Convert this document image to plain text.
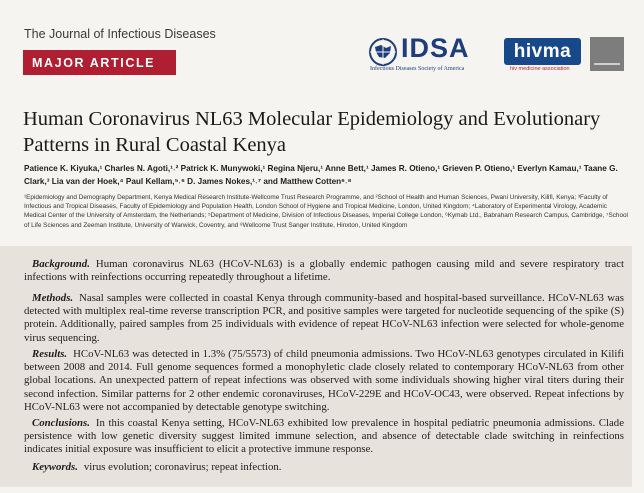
The Journal of Infectious Diseases
MAJOR ARTICLE	IDSA
Infectious Diseases Society of America
hivma
hiv medicine association
Human Coronavirus NL63 Molecular Epidemiology and Evolutionary Patterns in Rural Coastal Kenya
Patience K. Kiyuka,¹ Charles N. Agoti,¹˒² Patrick K. Munywoki,¹ Regina Njeru,¹ Anne Bett,¹ James R. Otieno,¹ Grieven P. Otieno,¹ Everlyn Kamau,¹ Taane G. Clark,³ Lia van der Hoek,⁴ Paul Kellam,⁵˒⁶ D. James Nokes,¹˒⁷ and Matthew Cotten⁶˒⁸
¹Epidemiology and Demography Department, Kenya Medical Research Institute-Wellcome Trust Research Programme, and ²School of Health and Human Sciences, Pwani University, Kilifi, Kenya; ³Faculty of Infectious and Tropical Diseases, Faculty of Epidemiology and Population Health, London School of Hygiene and Tropical Medicine, London, United Kingdom; ⁴Laboratory of Experimental Virology, Academic Medical Center of the University of Amsterdam, the Netherlands; ⁵Department of Medicine, Division of Infectious Diseases, Imperial College London, ⁶Kymab Ltd., Babraham Research Campus, Cambridge, ⁷School of Life Sciences and Zeeman Institute, University of Warwick, Coventry, and ⁸Wellcome Trust Sanger Institute, Hinxton, United Kingdom

Background. Human coronavirus NL63 (HCoV-NL63) is a globally endemic pathogen causing mild and severe respiratory tract infections with reinfections occurring repeatedly throughout a lifetime.

Methods. Nasal samples were collected in coastal Kenya through community-based and hospital-based surveillance. HCoV-NL63 was detected with multiplex real-time reverse transcription PCR, and positive samples were targeted for nucleotide sequencing of the spike (S) protein. Additionally, paired samples from 25 individuals with evidence of repeat HCoV-NL63 infection were selected for whole-genome virus sequencing.

Results. HCoV-NL63 was detected in 1.3% (75/5573) of child pneumonia admissions. Two HCoV-NL63 genotypes circulated in Kilifi between 2008 and 2014. Full genome sequences formed a monophyletic clade closely related to contemporary HCoV-NL63 from other global locations. An unexpected pattern of repeat infections was observed with some individuals showing higher viral titers during their second infection. Similar patterns for 2 other endemic coronaviruses, HCoV-229E and HCoV-OC43, were observed. Repeat infections by HCoV-NL63 were not accompanied by detectable genotype switching.

Conclusions. In this coastal Kenya setting, HCoV-NL63 exhibited low prevalence in hospital pediatric pneumonia admissions. Clade persistence with low genetic diversity suggest limited immune selection, and absence of detectable clade switching in reinfections indicates initial exposure was insufficient to elicit a protective immune response.

Keywords. virus evolution; coronavirus; repeat infection.
